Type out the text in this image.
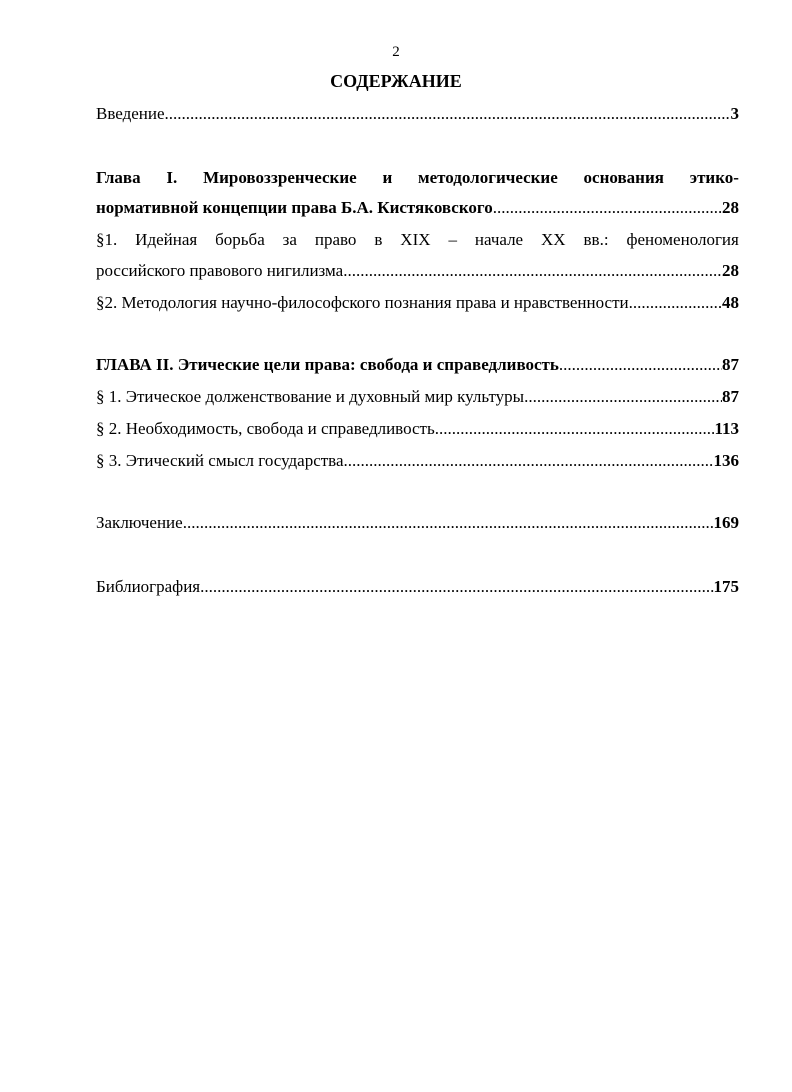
2
СОДЕРЖАНИЕ
Введение .....	3
Глава I. Мировоззренческие и методологические основания этико-
нормативной концепции права Б.А. Кистяковского .....	28
§1. Идейная борьба за право в XIX – начале XX вв.: феноменология
российского правового нигилизма .....	28
§2. Методология научно-философского познания права и нравственности .....	48
ГЛАВА II. Этические цели права: свобода и справедливость .....	87
§ 1. Этическое долженствование и духовный мир культуры .....	87
§ 2. Необходимость, свобода и справедливость .....	113
§ 3. Этический смысл государства .....	136
Заключение .....	169
Библиография .....	175
